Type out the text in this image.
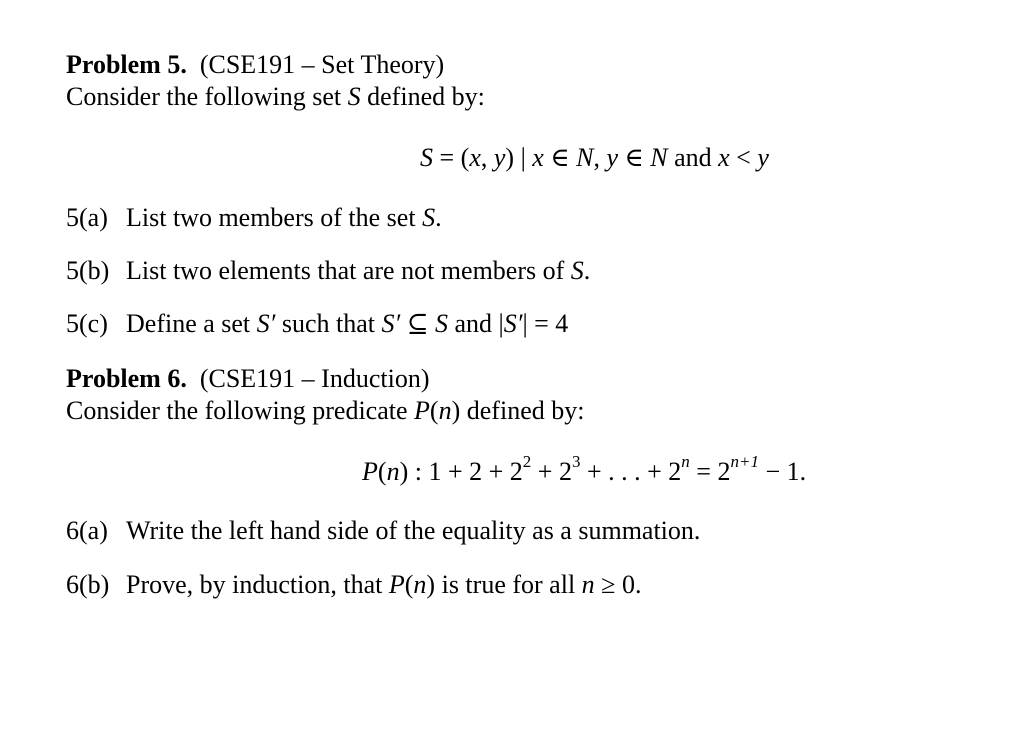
Problem 5. (CSE191 – Set Theory)
Consider the following set S defined by:
S = (x, y) | x ∈ N, y ∈ N and x < y
5(a) List two members of the set S.
5(b) List two elements that are not members of S.
5(c) Define a set S′ such that S′ ⊆ S and |S′| = 4
Problem 6. (CSE191 – Induction)
Consider the following predicate P(n) defined by:
P(n) : $1 + 2 + 2^2 + 2^3$ + . . . + $2^n = 2^{n+1} - 1$.
6(a) Write the left hand side of the equality as a summation.
6(b) Prove, by induction, that P(n) is true for all n ≥ 0.
